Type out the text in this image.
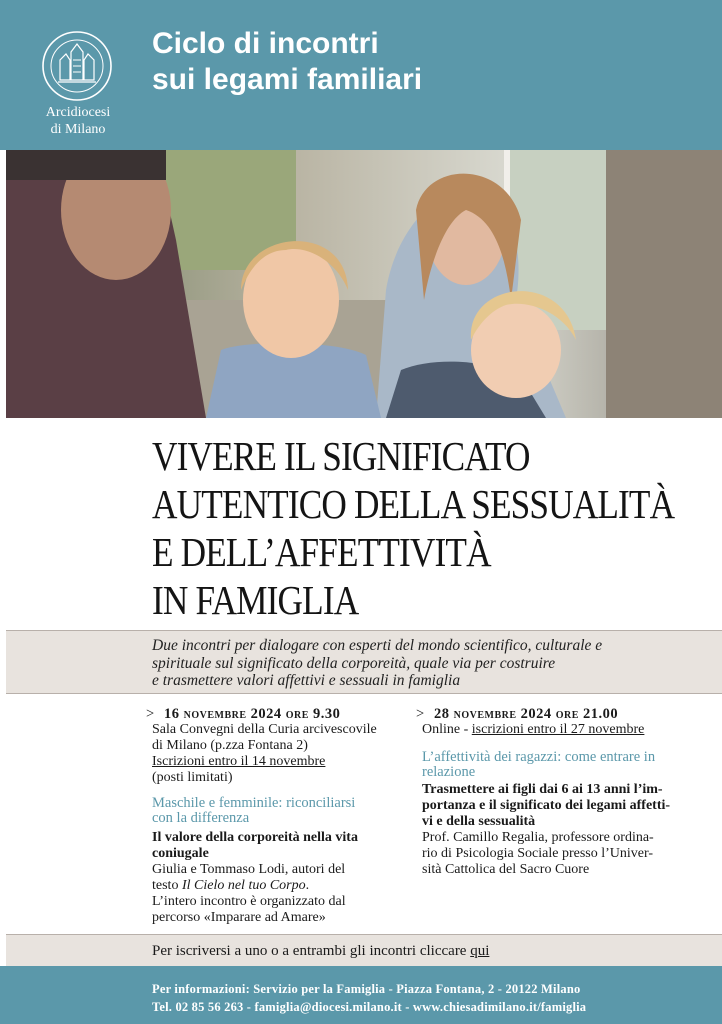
Arcidiocesi
di Milano
Ciclo di incontri
sui legami familiari
VIVERE IL SIGNIFICATO
AUTENTICO DELLA SESSUALITÀ
E DELL’AFFETTIVITÀ
IN FAMIGLIA

Due incontri per dialogare con esperti del mondo scientifico, culturale e
spirituale sul significato della corporeità, quale via per costruire
e trasmettere valori affettivi e sessuali in famiglia

> 16 novembre 2024 ore 9.30
Sala Convegni della Curia arcivescovile
di Milano (p.zza Fontana 2)
Iscrizioni entro il 14 novembre
(posti limitati)
Maschile e femminile: riconciliarsi
con la differenza
Il valore della corporeità nella vita
coniugale
Giulia e Tommaso Lodi, autori del
testo Il Cielo nel tuo Corpo.
L’intero incontro è organizzato dal
percorso «Imparare ad Amare»
> 28 novembre 2024 ore 21.00
Online - iscrizioni entro il 27 novembre
L’affettività dei ragazzi: come entrare in
relazione
Trasmettere ai figli dai 6 ai 13 anni l’im-
portanza e il significato dei legami affetti-
vi e della sessualità
Prof. Camillo Regalia, professore ordina-
rio di Psicologia Sociale presso l’Univer-
sità Cattolica del Sacro Cuore

Per iscriversi a uno o a entrambi gli incontri cliccare qui

Per informazioni: Servizio per la Famiglia - Piazza Fontana, 2 - 20122 Milano

Tel. 02 85 56 263 - famiglia@diocesi.milano.it - www.chiesadimilano.it/famiglia
